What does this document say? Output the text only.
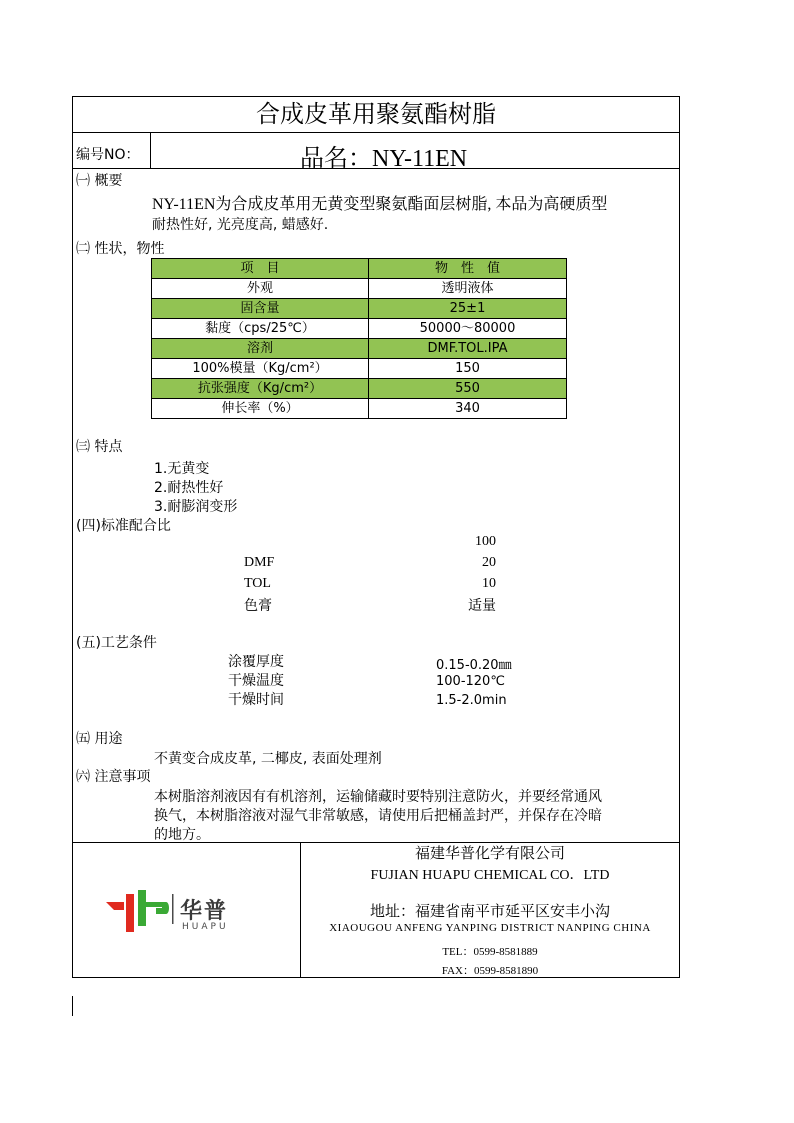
合成皮革用聚氨酯树脂
编号NO：	品名：NY-11EN
㈠ 概要
NY-11EN为合成皮革用无黄变型聚氨酯面层树脂, 本品为高硬质型
耐热性好, 光亮度高, 蜡感好.
㈡ 性状，物性
项　目	物　性　值
外观	透明液体
固含量	25±1
黏度（cps/25℃）	50000～80000
溶剂	DMF.TOL.IPA
100%模量（Kg/cm²）	150
抗张强度（Kg/cm²）	550
伸长率（%）	340
㈢ 特点
1.无黄变
2.耐热性好
3.耐膨润变形
(四)标准配合比
100
DMF	20
TOL	10
色膏	适量
(五)工艺条件
涂覆厚度	0.15-0.20㎜
干燥温度	100-120℃
干燥时间	1.5-2.0min
㈤ 用途
不黄变合成皮革, 二椰皮, 表面处理剂
㈥ 注意事项
本树脂溶剂液因有有机溶剂，运输储藏时要特别注意防火，并要经常通风
换气，本树脂溶液对湿气非常敏感，请使用后把桶盖封严，并保存在冷暗
的地方。
华普
HUAPU
福建华普化学有限公司
FUJIAN HUAPU CHEMICAL CO．LTD
地址：福建省南平市延平区安丰小沟
XIAOUGOU ANFENG YANPING DISTRICT NANPING CHINA
TEL：0599-8581889
FAX：0599-8581890
